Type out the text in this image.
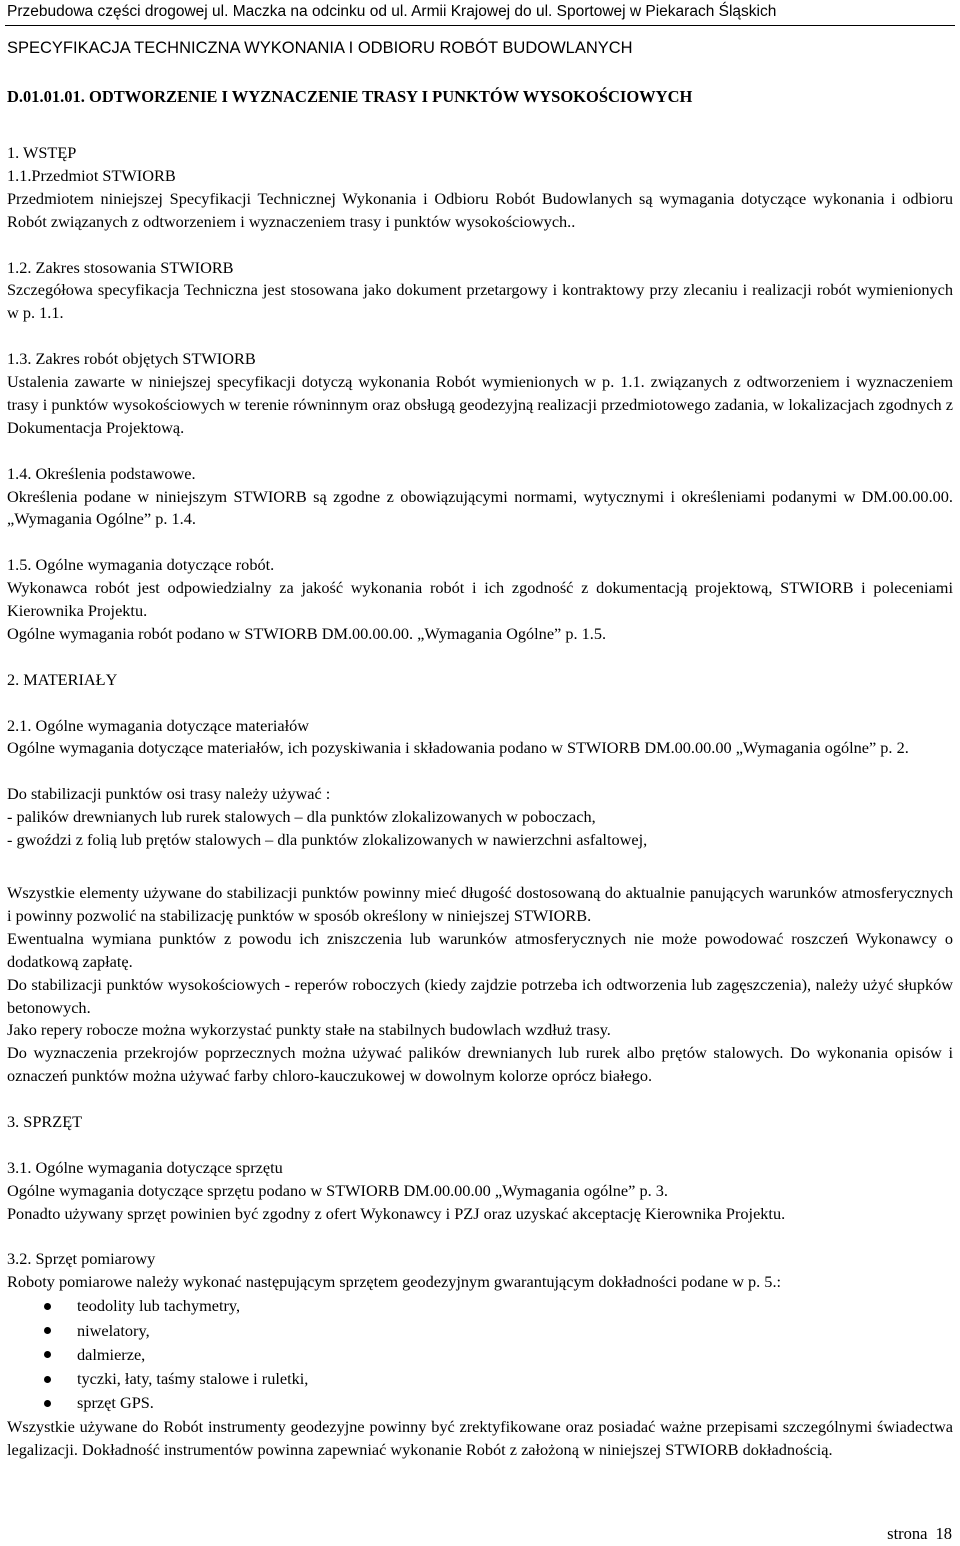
Przebudowa części drogowej ul. Maczka na odcinku od ul. Armii Krajowej do ul. Sportowej w Piekarach Śląskich
SPECYFIKACJA TECHNICZNA WYKONANIA I ODBIORU ROBÓT BUDOWLANYCH
D.01.01.01. ODTWORZENIE I WYZNACZENIE TRASY I PUNKTÓW WYSOKOŚCIOWYCH

1. WSTĘP

1.1.Przedmiot STWIORB

Przedmiotem niniejszej Specyfikacji Technicznej Wykonania i Odbioru Robót Budowlanych są wymagania dotyczące wykonania i odbioru Robót związanych z odtworzeniem i wyznaczeniem trasy i punktów wysokościowych..

1.2. Zakres stosowania STWIORB

Szczegółowa specyfikacja Techniczna jest stosowana jako dokument przetargowy i kontraktowy przy zlecaniu i realizacji robót wymienionych w p. 1.1.

1.3. Zakres robót objętych STWIORB

Ustalenia zawarte w niniejszej specyfikacji dotyczą wykonania Robót wymienionych w p. 1.1. związanych z odtworzeniem i wyznaczeniem trasy i punktów wysokościowych w terenie równinnym oraz obsługą geodezyjną realizacji przedmiotowego zadania, w lokalizacjach zgodnych z Dokumentacja Projektową.

1.4. Określenia podstawowe.

Określenia podane w niniejszym STWIORB są zgodne z obowiązującymi normami, wytycznymi i określeniami podanymi w DM.00.00.00. „Wymagania Ogólne” p. 1.4.

1.5. Ogólne wymagania dotyczące robót.

Wykonawca robót jest odpowiedzialny za jakość wykonania robót i ich zgodność z dokumentacją projektową, STWIORB i poleceniami Kierownika Projektu.

Ogólne wymagania robót podano w STWIORB DM.00.00.00. „Wymagania Ogólne” p. 1.5.

2. MATERIAŁY

2.1. Ogólne wymagania dotyczące materiałów

Ogólne wymagania dotyczące materiałów, ich pozyskiwania i składowania podano w STWIORB DM.00.00.00 „Wymagania ogólne” p. 2.

Do stabilizacji punktów osi trasy należy używać :

- palików drewnianych lub rurek stalowych – dla punktów zlokalizowanych w poboczach,

- gwoździ z folią lub prętów stalowych – dla punktów zlokalizowanych w nawierzchni asfaltowej,

Wszystkie elementy używane do stabilizacji punktów powinny mieć długość dostosowaną do aktualnie panujących warunków atmosferycznych i powinny pozwolić na stabilizację punktów w sposób określony w niniejszej STWIORB.

Ewentualna wymiana punktów z powodu ich zniszczenia lub warunków atmosferycznych nie może powodować roszczeń Wykonawcy o dodatkową zapłatę.

Do stabilizacji punktów wysokościowych - reperów roboczych (kiedy zajdzie potrzeba ich odtworzenia lub zagęszczenia), należy użyć słupków betonowych.

Jako repery robocze można wykorzystać punkty stałe na stabilnych budowlach wzdłuż trasy.

Do wyznaczenia przekrojów poprzecznych można używać palików drewnianych lub rurek albo prętów stalowych. Do wykonania opisów i oznaczeń punktów można używać farby chloro-kauczukowej w dowolnym kolorze oprócz białego.

3. SPRZĘT

3.1. Ogólne wymagania dotyczące sprzętu

Ogólne wymagania dotyczące sprzętu podano w STWIORB DM.00.00.00 „Wymagania ogólne” p. 3.

Ponadto używany sprzęt powinien być zgodny z ofert Wykonawcy i PZJ oraz uzyskać akceptację Kierownika Projektu.

3.2. Sprzęt pomiarowy

Roboty pomiarowe należy wykonać następującym sprzętem geodezyjnym gwarantującym dokładności podane w p. 5.:

teodolity lub tachymetry,
niwelatory,
dalmierze,
tyczki, łaty, taśmy stalowe i ruletki,
sprzęt GPS.

Wszystkie używane do Robót instrumenty geodezyjne powinny być zrektyfikowane oraz posiadać ważne przepisami szczególnymi świadectwa legalizacji. Dokładność instrumentów powinna zapewniać wykonanie Robót z założoną w niniejszej STWIORB dokładnością.

strona 18
